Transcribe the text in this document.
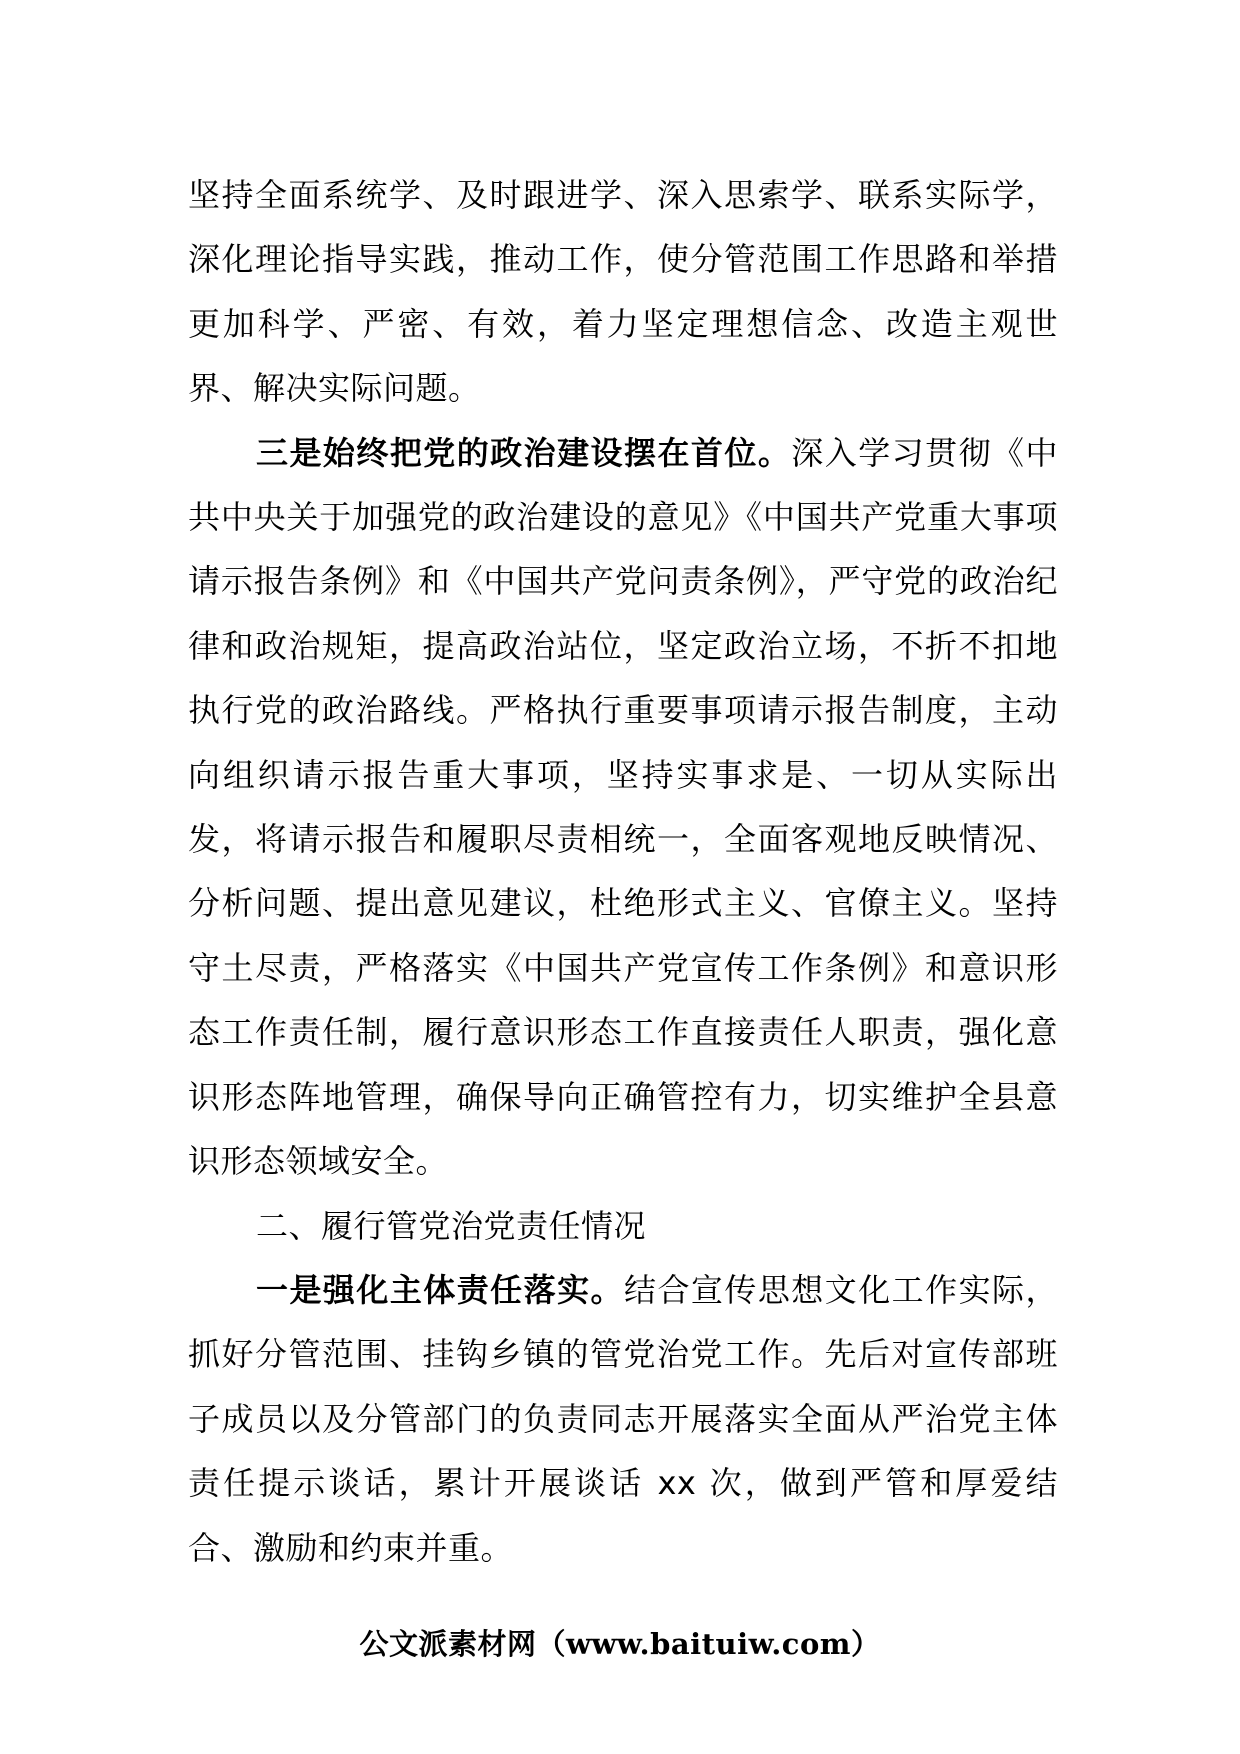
坚持全面系统学、及时跟进学、深入思索学、联系实际学，深化理论指导实践，推动工作，使分管范围工作思路和举措更加科学、严密、有效，着力坚定理想信念、改造主观世界、解决实际问题。

三是始终把党的政治建设摆在首位。深入学习贯彻《中共中央关于加强党的政治建设的意见》《中国共产党重大事项请示报告条例》和《中国共产党问责条例》，严守党的政治纪律和政治规矩，提高政治站位，坚定政治立场，不折不扣地执行党的政治路线。严格执行重要事项请示报告制度，主动向组织请示报告重大事项，坚持实事求是、一切从实际出发，将请示报告和履职尽责相统一，全面客观地反映情况、分析问题、提出意见建议，杜绝形式主义、官僚主义。坚持守土尽责，严格落实《中国共产党宣传工作条例》和意识形态工作责任制，履行意识形态工作直接责任人职责，强化意识形态阵地管理，确保导向正确管控有力，切实维护全县意识形态领域安全。

二、履行管党治党责任情况

一是强化主体责任落实。结合宣传思想文化工作实际，抓好分管范围、挂钩乡镇的管党治党工作。先后对宣传部班子成员以及分管部门的负责同志开展落实全面从严治党主体责任提示谈话，累计开展谈话 xx 次，做到严管和厚爱结合、激励和约束并重。

公文派素材网（www.baituiw.com）
